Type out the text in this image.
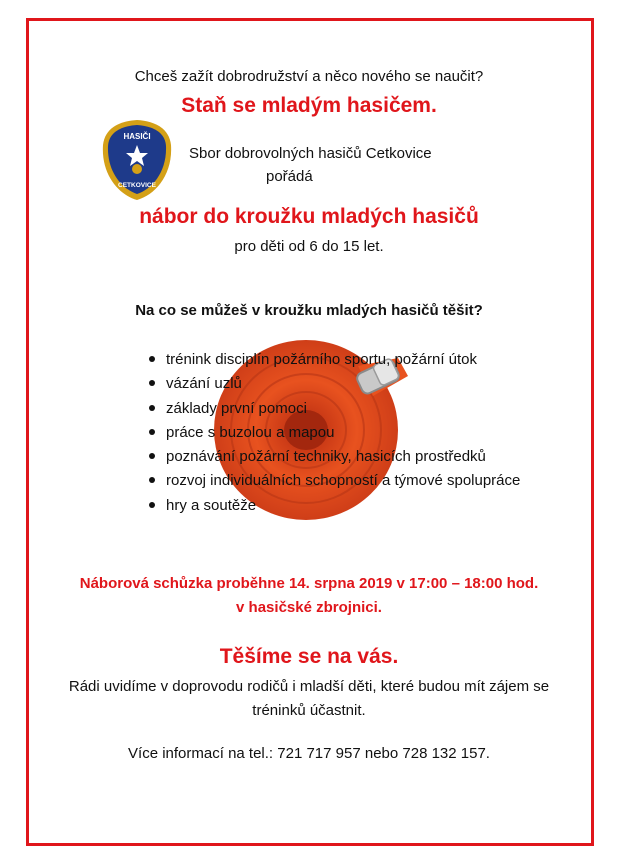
Chceš zažít dobrodružství a něco nového se naučit?
Staň se mladým hasičem.
HASIČI
CETKOVICE
Sbor dobrovolných hasičů Cetkovice
pořádá
nábor do kroužku mladých hasičů
pro děti od 6 do 15 let.
Na co se můžeš v kroužku mladých hasičů těšit?
trénink disciplín požárního sportu, požární útok
vázání uzlů
základy první pomoci
práce s buzolou a mapou
poznávání požární techniky, hasicích prostředků
rozvoj individuálních schopností a týmové spolupráce
hry a soutěže
Náborová schůzka proběhne 14. srpna 2019 v 17:00 – 18:00 hod.
v hasičské zbrojnici.
Těšíme se na vás.
Rádi uvidíme v doprovodu rodičů i mladší děti, které budou mít zájem se
tréninků účastnit.
Více informací na tel.: 721 717 957 nebo 728 132 157.
